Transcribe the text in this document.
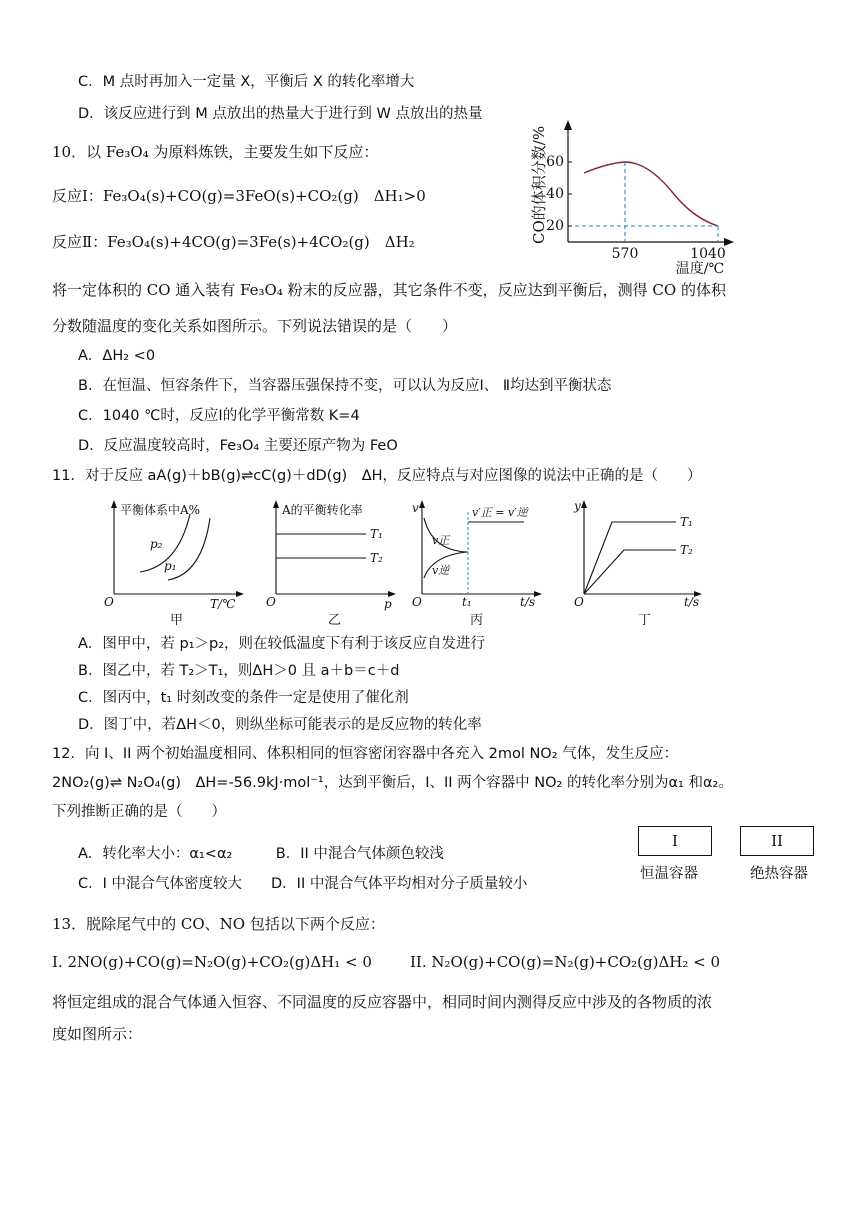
C．M 点时再加入一定量 X，平衡后 X 的转化率增大
D．该反应进行到 M 点放出的热量大于进行到 W 点放出的热量
10．以 Fe₃O₄ 为原料炼铁，主要发生如下反应：
反应Ⅰ：Fe₃O₄(s)+CO(g)=3FeO(s)+CO₂(g)　ΔH₁>0
反应Ⅱ：Fe₃O₄(s)+4CO(g)=3Fe(s)+4CO₂(g)　ΔH₂
60
40
20
570	1040
温度/℃
CO的体积分数/%
将一定体积的 CO 通入装有 Fe₃O₄ 粉末的反应器，其它条件不变，反应达到平衡后，测得 CO 的体积
分数随温度的变化关系如图所示。下列说法错误的是（　　）
A．ΔH₂ <0
B．在恒温、恒容条件下，当容器压强保持不变，可以认为反应Ⅰ、 Ⅱ均达到平衡状态
C．1040 ℃时，反应Ⅰ的化学平衡常数 K=4
D．反应温度较高时，Fe₃O₄ 主要还原产物为 FeO
11．对于反应 aA(g)＋bB(g)⇌cC(g)＋dD(g)　ΔH，反应特点与对应图像的说法中正确的是（　　）
平衡体系中A%
p₂
p₁
O	T/℃
甲
A的平衡转化率
T₁
T₂
O	p
乙
v	v′正 = v′逆
v正
v逆
O	t₁	t/s
丙
y
T₁
T₂
O	t/s
丁
A．图甲中，若 p₁＞p₂，则在较低温度下有利于该反应自发进行
B．图乙中，若 T₂＞T₁，则ΔH＞0 且 a＋b＝c＋d
C．图丙中，t₁ 时刻改变的条件一定是使用了催化剂
D．图丁中，若ΔH＜0，则纵坐标可能表示的是反应物的转化率
12．向 I、II 两个初始温度相同、体积相同的恒容密闭容器中各充入 2mol NO₂ 气体，发生反应：
2NO₂(g)⇌ N₂O₄(g)　ΔH=-56.9kJ·mol⁻¹，达到平衡后，I、II 两个容器中 NO₂ 的转化率分别为α₁ 和α₂。
下列推断正确的是（　　）
A．转化率大小：α₁<α₂　　　B．II 中混合气体颜色较浅
C．I 中混合气体密度较大　　D．II 中混合气体平均相对分子质量较小
I
恒温容器
II
绝热容器
13．脱除尾气中的 CO、NO 包括以下两个反应：
I. 2NO(g)+CO(g)=N₂O(g)+CO₂(g)ΔH₁ < 0	II. N₂O(g)+CO(g)=N₂(g)+CO₂(g)ΔH₂ < 0
将恒定组成的混合气体通入恒容、不同温度的反应容器中，相同时间内测得反应中涉及的各物质的浓
度如图所示：
